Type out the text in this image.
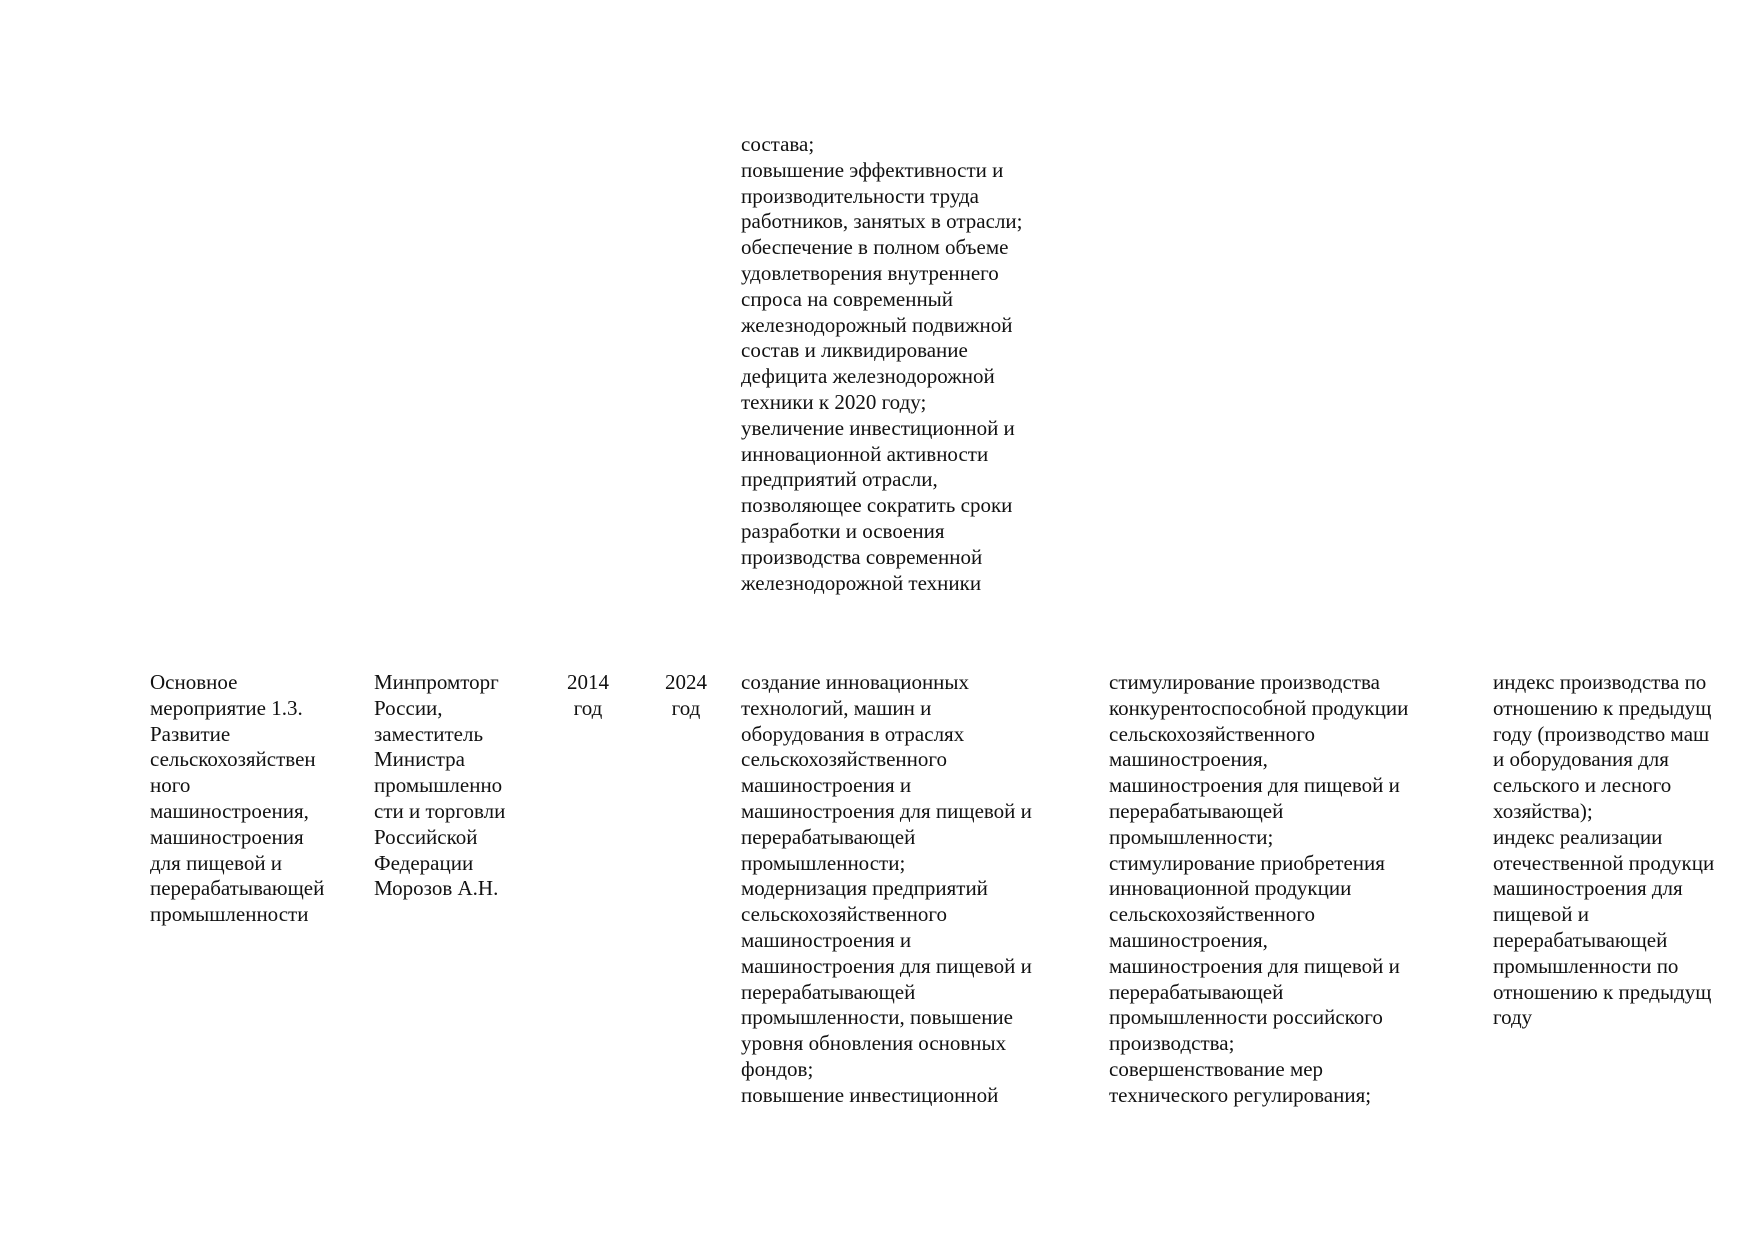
состава;
повышение эффективности и
производительности труда
работников, занятых в отрасли;
обеспечение в полном объеме
удовлетворения внутреннего
спроса на современный
железнодорожный подвижной
состав и ликвидирование
дефицита железнодорожной
техники к 2020 году;
увеличение инвестиционной и
инновационной активности
предприятий отрасли,
позволяющее сократить сроки
разработки и освоения
производства современной
железнодорожной техники
Основное
мероприятие 1.3.
Развитие
сельскохозяйствен
ного
машиностроения,
машиностроения
для пищевой и
перерабатывающей
промышленности
Минпромторг
России,
заместитель
Министра
промышленно
сти и торговли
Российской
Федерации
Морозов А.Н.
2014
год
2024
год
создание инновационных
технологий, машин и
оборудования в отраслях
сельскохозяйственного
машиностроения и
машиностроения для пищевой и
перерабатывающей
промышленности;
модернизация предприятий
сельскохозяйственного
машиностроения и
машиностроения для пищевой и
перерабатывающей
промышленности, повышение
уровня обновления основных
фондов;
повышение инвестиционной
стимулирование производства
конкурентоспособной продукции
сельскохозяйственного
машиностроения,
машиностроения для пищевой и
перерабатывающей
промышленности;
стимулирование приобретения
инновационной продукции
сельскохозяйственного
машиностроения,
машиностроения для пищевой и
перерабатывающей
промышленности российского
производства;
совершенствование мер
технического регулирования;
индекс производства по
отношению к предыдущ
году (производство маш
и оборудования для
сельского и лесного
хозяйства);
индекс реализации
отечественной продукци
машиностроения для
пищевой и
перерабатывающей
промышленности по
отношению к предыдущ
году
